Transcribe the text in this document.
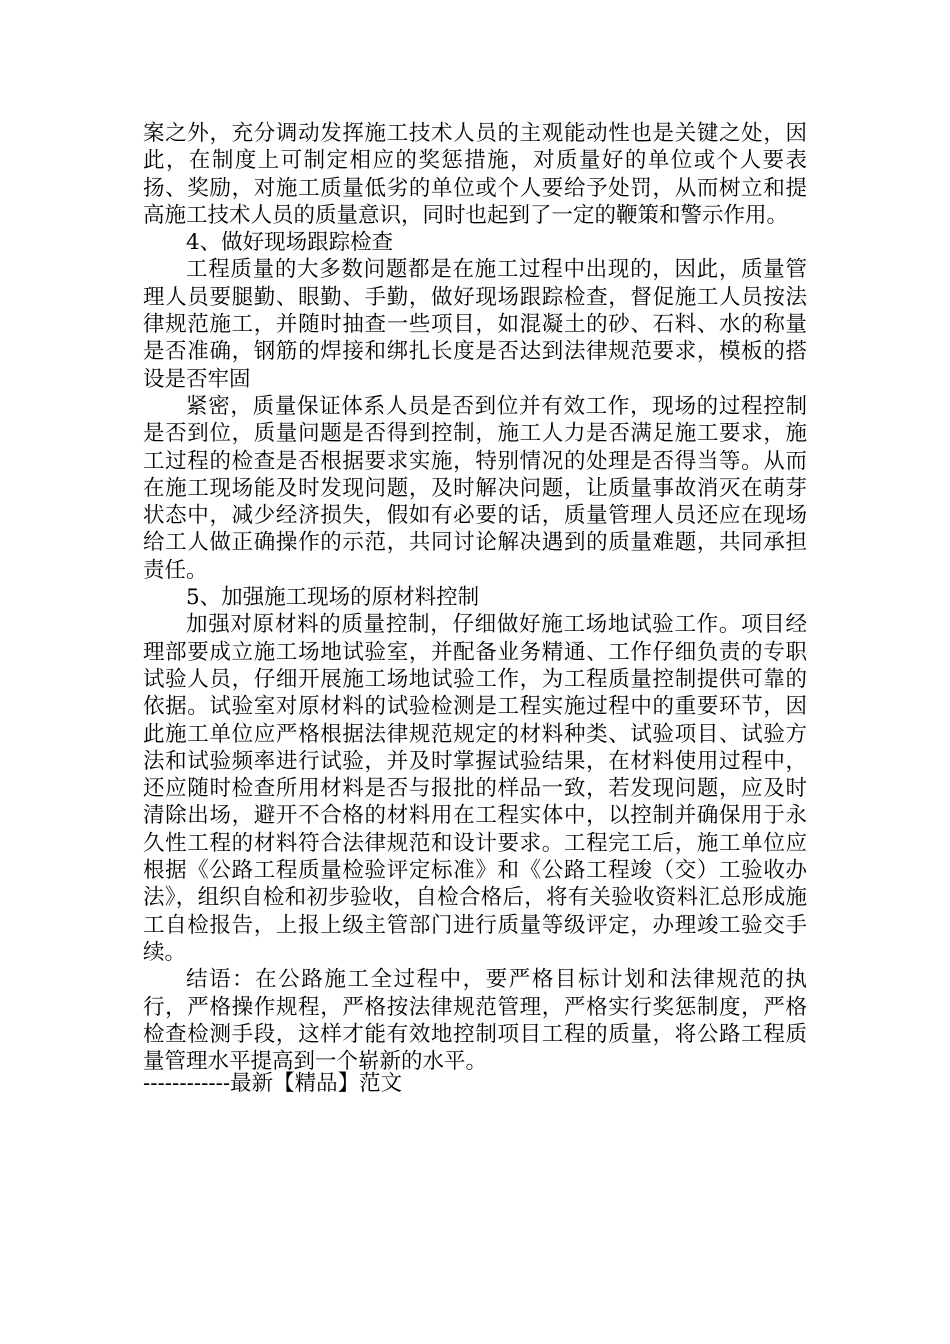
案之外，充分调动发挥施工技术人员的主观能动性也是关键之处，因此，在制度上可制定相应的奖惩措施，对质量好的单位或个人要表扬、奖励，对施工质量低劣的单位或个人要给予处罚，从而树立和提高施工技术人员的质量意识，同时也起到了一定的鞭策和警示作用。

4、做好现场跟踪检查

工程质量的大多数问题都是在施工过程中出现的，因此，质量管理人员要腿勤、眼勤、手勤，做好现场跟踪检查，督促施工人员按法律规范施工，并随时抽查一些项目，如混凝土的砂、石料、水的称量是否准确，钢筋的焊接和绑扎长度是否达到法律规范要求，模板的搭设是否牢固

紧密，质量保证体系人员是否到位并有效工作，现场的过程控制是否到位，质量问题是否得到控制，施工人力是否满足施工要求，施工过程的检查是否根据要求实施，特别情况的处理是否得当等。从而在施工现场能及时发现问题，及时解决问题，让质量事故消灭在萌芽状态中，减少经济损失，假如有必要的话，质量管理人员还应在现场给工人做正确操作的示范，共同讨论解决遇到的质量难题，共同承担责任。

5、加强施工现场的原材料控制

加强对原材料的质量控制，仔细做好施工场地试验工作。项目经理部要成立施工场地试验室，并配备业务精通、工作仔细负责的专职试验人员，仔细开展施工场地试验工作，为工程质量控制提供可靠的依据。试验室对原材料的试验检测是工程实施过程中的重要环节，因此施工单位应严格根据法律规范规定的材料种类、试验项目、试验方法和试验频率进行试验，并及时掌握试验结果，在材料使用过程中，还应随时检查所用材料是否与报批的样品一致，若发现问题，应及时清除出场，避开不合格的材料用在工程实体中，以控制并确保用于永久性工程的材料符合法律规范和设计要求。工程完工后，施工单位应根据《公路工程质量检验评定标准》和《公路工程竣（交）工验收办法》，组织自检和初步验收，自检合格后，将有关验收资料汇总形成施工自检报告，上报上级主管部门进行质量等级评定，办理竣工验交手续。

结语：在公路施工全过程中，要严格目标计划和法律规范的执行，严格操作规程，严格按法律规范管理，严格实行奖惩制度，严格检查检测手段，这样才能有效地控制项目工程的质量，将公路工程质量管理水平提高到一个崭新的水平。

------------最新【精品】范文
